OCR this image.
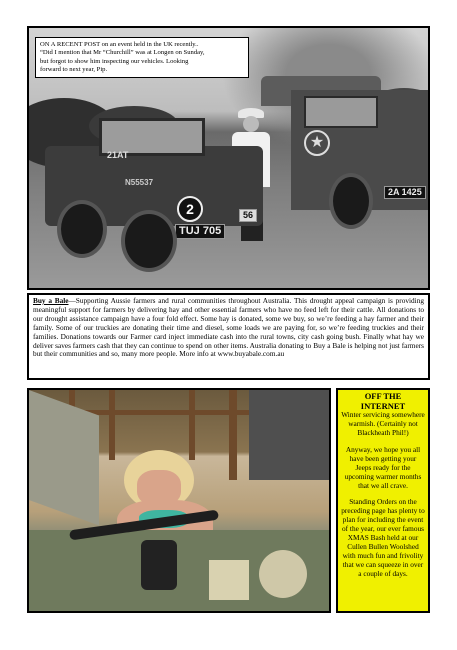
★
2A 1425
21AT
N55537
2
TUJ 705
56
ON A RECENT POST on an event held in the UK recently..
“Did I mention that Mr “Churchill” was at Longen on Sunday,
but forgot to show him inspecting our vehicles. Looking
forward to next year, Pip.
Buy a Bale—Supporting Aussie farmers and rural communities throughout Australia. This drought appeal campaign is providing meaningful support for farmers by delivering hay and other essential farmers who have no feed left for their cattle. All donations to our drought assistance campaign have a four fold effect. Some hay is donated, some we buy, so we’re feeding a hay farmer and their family. Some of our truckies are donating their time and diesel, some loads we are paying for, so we’re feeding truckies and their families. Donations towards our Farmer card inject immediate cash into the rural towns, city cash going bush. Finally what hay we deliver saves farmers cash that they can continue to spend on other items. Australia donating to Buy a Bale is helping not just farmers but their communities and so, many more people. More info at www.buyabale.com.au
OFF THE
INTERNET

Winter servicing somewhere warmish. (Certainly not Blackheath Phil!)

Anyway, we hope you all have been getting your Jeeps ready for the upcoming warmer months that we all crave.

Standing Orders on the preceding page has plenty to plan for including the event of the year, our ever famous XMAS Bash held at our Cullen Bullen Woolshed with much fun and frivolity that we can squeeze in over a couple of days.
